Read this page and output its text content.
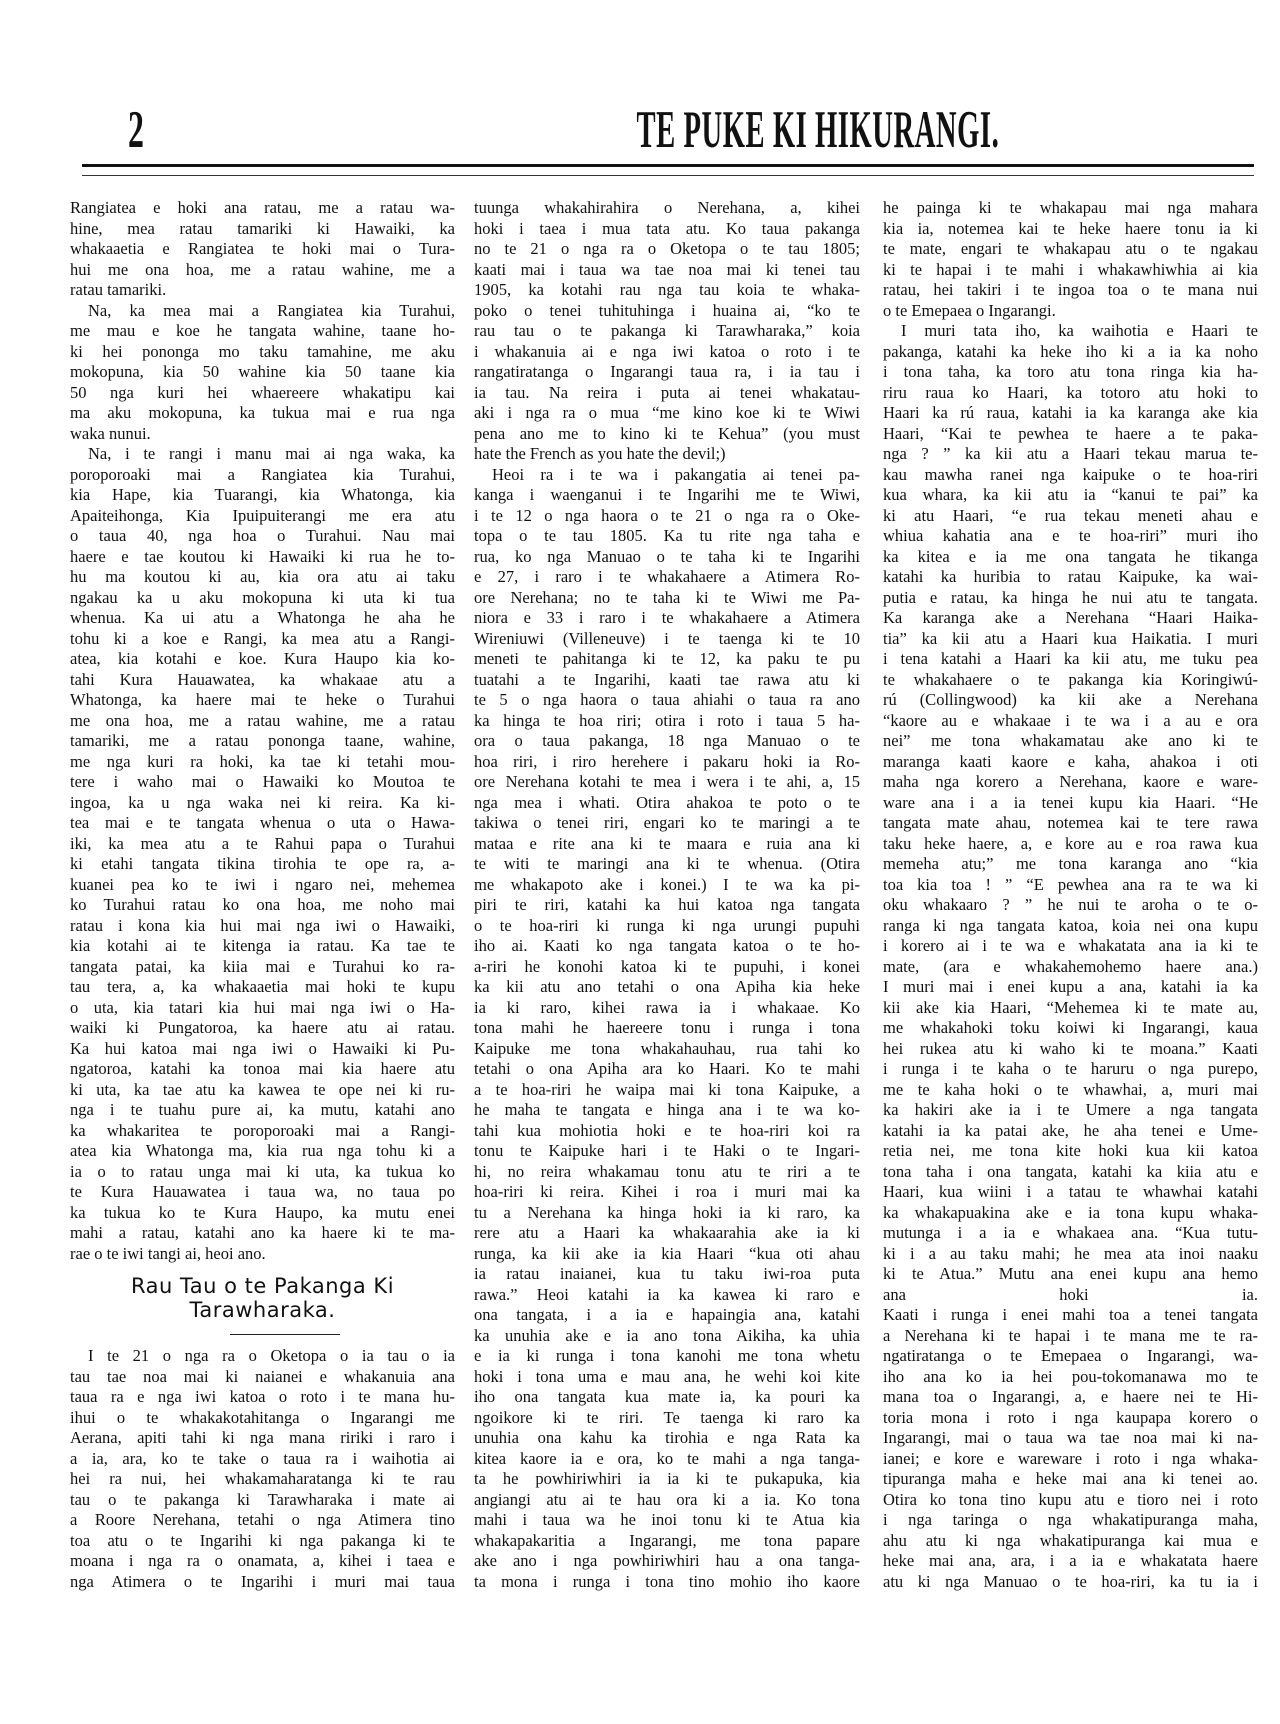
2	TE PUKE KI HIKURANGI.
Rangiatea e hoki ana ratau, me a ratau wa-
hine, mea ratau tamariki ki Hawaiki, ka
whakaaetia e Rangiatea te hoki mai o Tura-
hui me ona hoa, me a ratau wahine, me a
ratau tamariki.
Na, ka mea mai a Rangiatea kia Turahui,
me mau e koe he tangata wahine, taane ho-
ki hei pononga mo taku tamahine, me aku
mokopuna, kia 50 wahine kia 50 taane kia
50 nga kuri hei whaereere whakatipu kai
ma aku mokopuna, ka tukua mai e rua nga
waka nunui.
Na, i te rangi i manu mai ai nga waka, ka
poroporoaki mai a Rangiatea kia Turahui,
kia Hape, kia Tuarangi, kia Whatonga, kia
Apaiteihonga, Kia Ipuipuiterangi me era atu
o taua 40, nga hoa o Turahui. Nau mai
haere e tae koutou ki Hawaiki ki rua he to-
hu ma koutou ki au, kia ora atu ai taku
ngakau ka u aku mokopuna ki uta ki tua
whenua. Ka ui atu a Whatonga he aha he
tohu ki a koe e Rangi, ka mea atu a Rangi-
atea, kia kotahi e koe. Kura Haupo kia ko-
tahi Kura Hauawatea, ka whakaae atu a
Whatonga, ka haere mai te heke o Turahui
me ona hoa, me a ratau wahine, me a ratau
tamariki, me a ratau pononga taane, wahine,
me nga kuri ra hoki, ka tae ki tetahi mou-
tere i waho mai o Hawaiki ko Moutoa te
ingoa, ka u nga waka nei ki reira. Ka ki-
tea mai e te tangata whenua o uta o Hawa-
iki, ka mea atu a te Rahui papa o Turahui
ki etahi tangata tikina tirohia te ope ra, a-
kuanei pea ko te iwi i ngaro nei, mehemea
ko Turahui ratau ko ona hoa, me noho mai
ratau i kona kia hui mai nga iwi o Hawaiki,
kia kotahi ai te kitenga ia ratau. Ka tae te
tangata patai, ka kiia mai e Turahui ko ra-
tau tera, a, ka whakaaetia mai hoki te kupu
o uta, kia tatari kia hui mai nga iwi o Ha-
waiki ki Pungatoroa, ka haere atu ai ratau.
Ka hui katoa mai nga iwi o Hawaiki ki Pu-
ngatoroa, katahi ka tonoa mai kia haere atu
ki uta, ka tae atu ka kawea te ope nei ki ru-
nga i te tuahu pure ai, ka mutu, katahi ano
ka whakaritea te poroporoaki mai a Rangi-
atea kia Whatonga ma, kia rua nga tohu ki a
ia o to ratau unga mai ki uta, ka tukua ko
te Kura Hauawatea i taua wa, no taua po
ka tukua ko te Kura Haupo, ka mutu enei
mahi a ratau, katahi ano ka haere ki te ma-
rae o te iwi tangi ai, heoi ano.
Rau Tau o te Pakanga Ki
Tarawharaka.
I te 21 o nga ra o Oketopa o ia tau o ia
tau tae noa mai ki naianei e whakanuia ana
taua ra e nga iwi katoa o roto i te mana hu-
ihui o te whakakotahitanga o Ingarangi me
Aerana, apiti tahi ki nga mana ririki i raro i
a ia, ara, ko te take o taua ra i waihotia ai
hei ra nui, hei whakamaharatanga ki te rau
tau o te pakanga ki Tarawharaka i mate ai
a Roore Nerehana, tetahi o nga Atimera tino
toa atu o te Ingarihi ki nga pakanga ki te
moana i nga ra o onamata, a, kihei i taea e
nga Atimera o te Ingarihi i muri mai taua
tuunga whakahirahira o Nerehana, a, kihei
hoki i taea i mua tata atu. Ko taua pakanga
no te 21 o nga ra o Oketopa o te tau 1805;
kaati mai i taua wa tae noa mai ki tenei tau
1905, ka kotahi rau nga tau koia te whaka-
poko o tenei tuhituhinga i huaina ai, “ko te
rau tau o te pakanga ki Tarawharaka,” koia
i whakanuia ai e nga iwi katoa o roto i te
rangatiratanga o Ingarangi taua ra, i ia tau i
ia tau. Na reira i puta ai tenei whakatau-
aki i nga ra o mua “me kino koe ki te Wiwi
pena ano me to kino ki te Kehua” (you must
hate the French as you hate the devil;)
Heoi ra i te wa i pakangatia ai tenei pa-
kanga i waenganui i te Ingarihi me te Wiwi,
i te 12 o nga haora o te 21 o nga ra o Oke-
topa o te tau 1805. Ka tu rite nga taha e
rua, ko nga Manuao o te taha ki te Ingarihi
e 27, i raro i te whakahaere a Atimera Ro-
ore Nerehana; no te taha ki te Wiwi me Pa-
niora e 33 i raro i te whakahaere a Atimera
Wireniuwi (Villeneuve) i te taenga ki te 10
meneti te pahitanga ki te 12, ka paku te pu
tuatahi a te Ingarihi, kaati tae rawa atu ki
te 5 o nga haora o taua ahiahi o taua ra ano
ka hinga te hoa riri; otira i roto i taua 5 ha-
ora o taua pakanga, 18 nga Manuao o te
hoa riri, i riro herehere i pakaru hoki ia Ro-
ore Nerehana kotahi te mea i wera i te ahi, a, 15
nga mea i whati. Otira ahakoa te poto o te
takiwa o tenei riri, engari ko te maringi a te
mataa e rite ana ki te maara e ruia ana ki
te witi te maringi ana ki te whenua. (Otira
me whakapoto ake i konei.) I te wa ka pi-
piri te riri, katahi ka hui katoa nga tangata
o te hoa-riri ki runga ki nga urungi pupuhi
iho ai. Kaati ko nga tangata katoa o te ho-
a-riri he konohi katoa ki te pupuhi, i konei
ka kii atu ano tetahi o ona Apiha kia heke
ia ki raro, kihei rawa ia i whakaae. Ko
tona mahi he haereere tonu i runga i tona
Kaipuke me tona whakahauhau, rua tahi ko
tetahi o ona Apiha ara ko Haari. Ko te mahi
a te hoa-riri he waipa mai ki tona Kaipuke, a
he maha te tangata e hinga ana i te wa ko-
tahi kua mohiotia hoki e te hoa-riri koi ra
tonu te Kaipuke hari i te Haki o te Ingari-
hi, no reira whakamau tonu atu te riri a te
hoa-riri ki reira. Kihei i roa i muri mai ka
tu a Nerehana ka hinga hoki ia ki raro, ka
rere atu a Haari ka whakaarahia ake ia ki
runga, ka kii ake ia kia Haari “kua oti ahau
ia ratau inaianei, kua tu taku iwi-roa puta
rawa.” Heoi katahi ia ka kawea ki raro e
ona tangata, i a ia e hapaingia ana, katahi
ka unuhia ake e ia ano tona Aikiha, ka uhia
e ia ki runga i tona kanohi me tona whetu
hoki i tona uma e mau ana, he wehi koi kite
iho ona tangata kua mate ia, ka pouri ka
ngoikore ki te riri. Te taenga ki raro ka
unuhia ona kahu ka tirohia e nga Rata ka
kitea kaore ia e ora, ko te mahi a nga tanga-
ta he powhiriwhiri ia ia ki te pukapuka, kia
angiangi atu ai te hau ora ki a ia. Ko tona
mahi i taua wa he inoi tonu ki te Atua kia
whakapakaritia a Ingarangi, me tona papare
ake ano i nga powhiriwhiri hau a ona tanga-
ta mona i runga i tona tino mohio iho kaore
he painga ki te whakapau mai nga mahara
kia ia, notemea kai te heke haere tonu ia ki
te mate, engari te whakapau atu o te ngakau
ki te hapai i te mahi i whakawhiwhia ai kia
ratau, hei takiri i te ingoa toa o te mana nui
o te Emepaea o Ingarangi.
I muri tata iho, ka waihotia e Haari te
pakanga, katahi ka heke iho ki a ia ka noho
i tona taha, ka toro atu tona ringa kia ha-
riru raua ko Haari, ka totoro atu hoki to
Haari ka rú raua, katahi ia ka karanga ake kia
Haari, “Kai te pewhea te haere a te paka-
nga ? ” ka kii atu a Haari tekau marua te-
kau mawha ranei nga kaipuke o te hoa-riri
kua whara, ka kii atu ia “kanui te pai” ka
ki atu Haari, “e rua tekau meneti ahau e
whiua kahatia ana e te hoa-riri” muri iho
ka kitea e ia me ona tangata he tikanga
katahi ka huribia to ratau Kaipuke, ka wai-
putia e ratau, ka hinga he nui atu te tangata.
Ka karanga ake a Nerehana “Haari Haika-
tia” ka kii atu a Haari kua Haikatia. I muri
i tena katahi a Haari ka kii atu, me tuku pea
te whakahaere o te pakanga kia Koringiwú-
rú (Collingwood) ka kii ake a Nerehana
“kaore au e whakaae i te wa i a au e ora
nei” me tona whakamatau ake ano ki te
maranga kaati kaore e kaha, ahakoa i oti
maha nga korero a Nerehana, kaore e ware-
ware ana i a ia tenei kupu kia Haari. “He
tangata mate ahau, notemea kai te tere rawa
taku heke haere, a, e kore au e roa rawa kua
memeha atu;” me tona karanga ano “kia
toa kia toa ! ” “E pewhea ana ra te wa ki
oku whakaaro ? ” he nui te aroha o te o-
ranga ki nga tangata katoa, koia nei ona kupu
i korero ai i te wa e whakatata ana ia ki te
mate, (ara e whakahemohemo haere ana.)
I muri mai i enei kupu a ana, katahi ia ka
kii ake kia Haari, “Mehemea ki te mate au,
me whakahoki toku koiwi ki Ingarangi, kaua
hei rukea atu ki waho ki te moana.” Kaati
i runga i te kaha o te haruru o nga purepo,
me te kaha hoki o te whawhai, a, muri mai
ka hakiri ake ia i te Umere a nga tangata
katahi ia ka patai ake, he aha tenei e Ume-
retia nei, me tona kite hoki kua kii katoa
tona taha i ona tangata, katahi ka kiia atu e
Haari, kua wiini i a tatau te whawhai katahi
ka whakapuakina ake e ia tona kupu whaka-
mutunga i a ia e whakaea ana. “Kua tutu-
ki i a au taku mahi; he mea ata inoi naaku
ki te Atua.” Mutu ana enei kupu ana hemo
ana hoki ia.
Kaati i runga i enei mahi toa a tenei tangata
a Nerehana ki te hapai i te mana me te ra-
ngatiratanga o te Emepaea o Ingarangi, wa-
iho ana ko ia hei pou-tokomanawa mo te
mana toa o Ingarangi, a, e haere nei te Hi-
toria mona i roto i nga kaupapa korero o
Ingarangi, mai o taua wa tae noa mai ki na-
ianei; e kore e wareware i roto i nga whaka-
tipuranga maha e heke mai ana ki tenei ao.
Otira ko tona tino kupu atu e tioro nei i roto
i nga taringa o nga whakatipuranga maha,
ahu atu ki nga whakatipuranga kai mua e
heke mai ana, ara, i a ia e whakatata haere
atu ki nga Manuao o te hoa-riri, ka tu ia i
